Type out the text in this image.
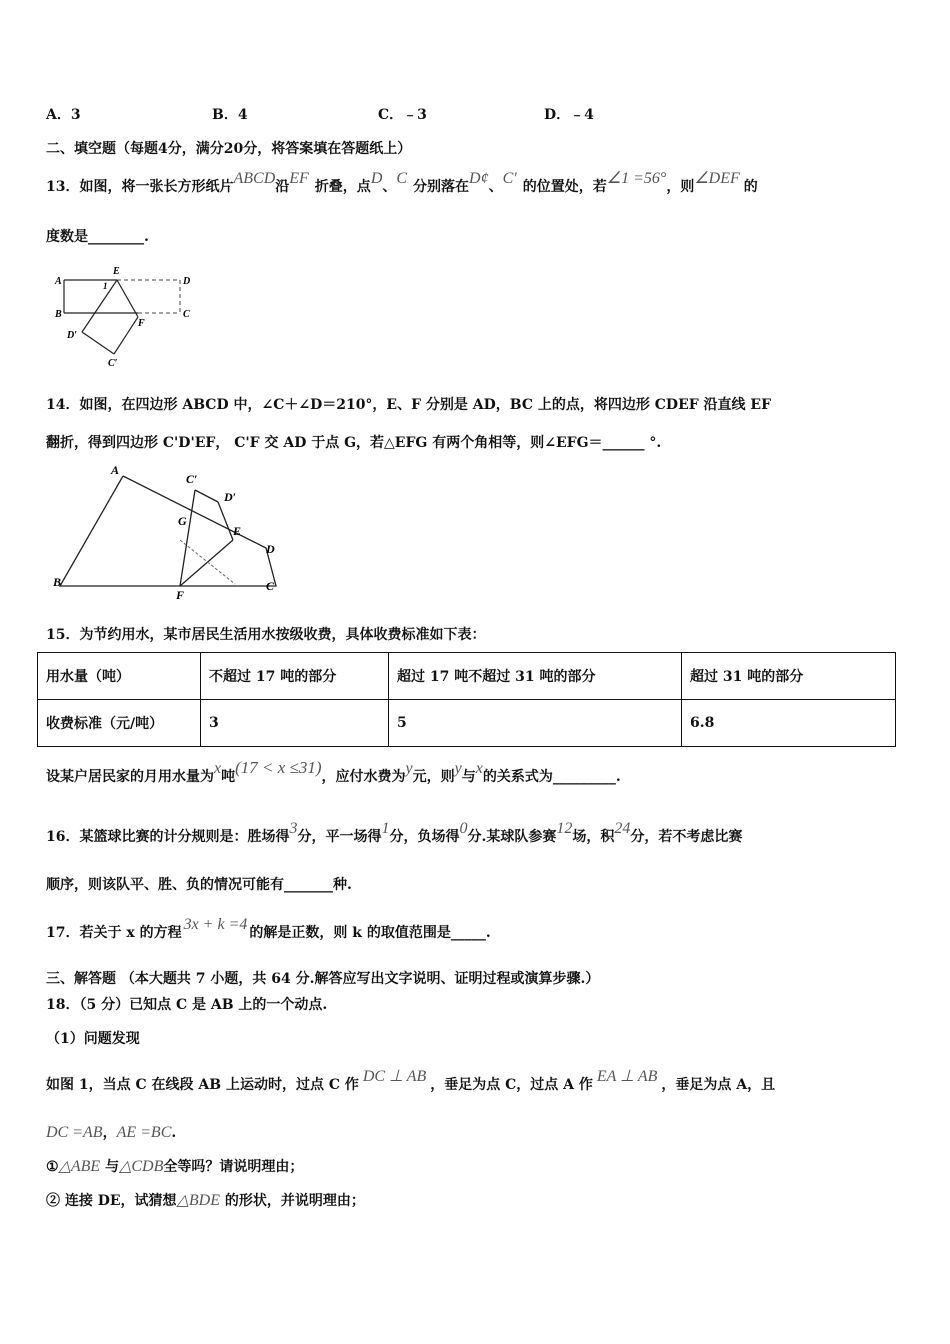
A．3	B．4	C．﹣3	D．﹣4
二、填空题（每题4分，满分20分，将答案填在答题纸上）
13．如图，将一张长方形纸片ABCD沿EF 折叠，点D、C 分别落在D¢、C′ 的位置处，若∠1 =56°，则∠DEF 的
度数是________.
A
E
D
1
B
F
C
D′
C′
14．如图，在四边形 ABCD 中，∠C＋∠D＝210°，E、F 分别是 AD，BC 上的点，将四边形 CDEF 沿直线 EF
翻折，得到四边形 C'D'EF， C'F 交 AD 于点 G，若△EFG 有两个角相等，则∠EFG＝______ °.
A
C′
D′
G
E
D
B
F
C
15．为节约用水，某市居民生活用水按级收费，具体收费标准如下表：
用水量（吨）	不超过 17 吨的部分	超过 17 吨不超过 31 吨的部分	超过 31 吨的部分
收费标准（元/吨）	3	5	6.8
设某户居民家的月用水量为x吨(17 < x ≤31)，应付水费为y元，则y与x的关系式为_________.
16．某篮球比赛的计分规则是：胜场得3分，平一场得1分，负场得0分.某球队参赛12场，积24分，若不考虑比赛
顺序，则该队平、胜、负的情况可能有_______种.
17．若关于 x 的方程 3x + k =4 的解是正数，则 k 的取值范围是_____.
三、解答题 （本大题共 7 小题，共 64 分.解答应写出文字说明、证明过程或演算步骤.）
18．（5 分）已知点 C 是 AB 上的一个动点.
（1）问题发现
如图 1，当点 C 在线段 AB 上运动时，过点 C 作 DC ⊥ AB ，垂足为点 C，过点 A 作 EA ⊥ AB ，垂足为点 A，且
DC =AB，AE =BC.
①△ABE 与△CDB全等吗？请说明理由；
② 连接 DE，试猜想△BDE 的形状，并说明理由；
